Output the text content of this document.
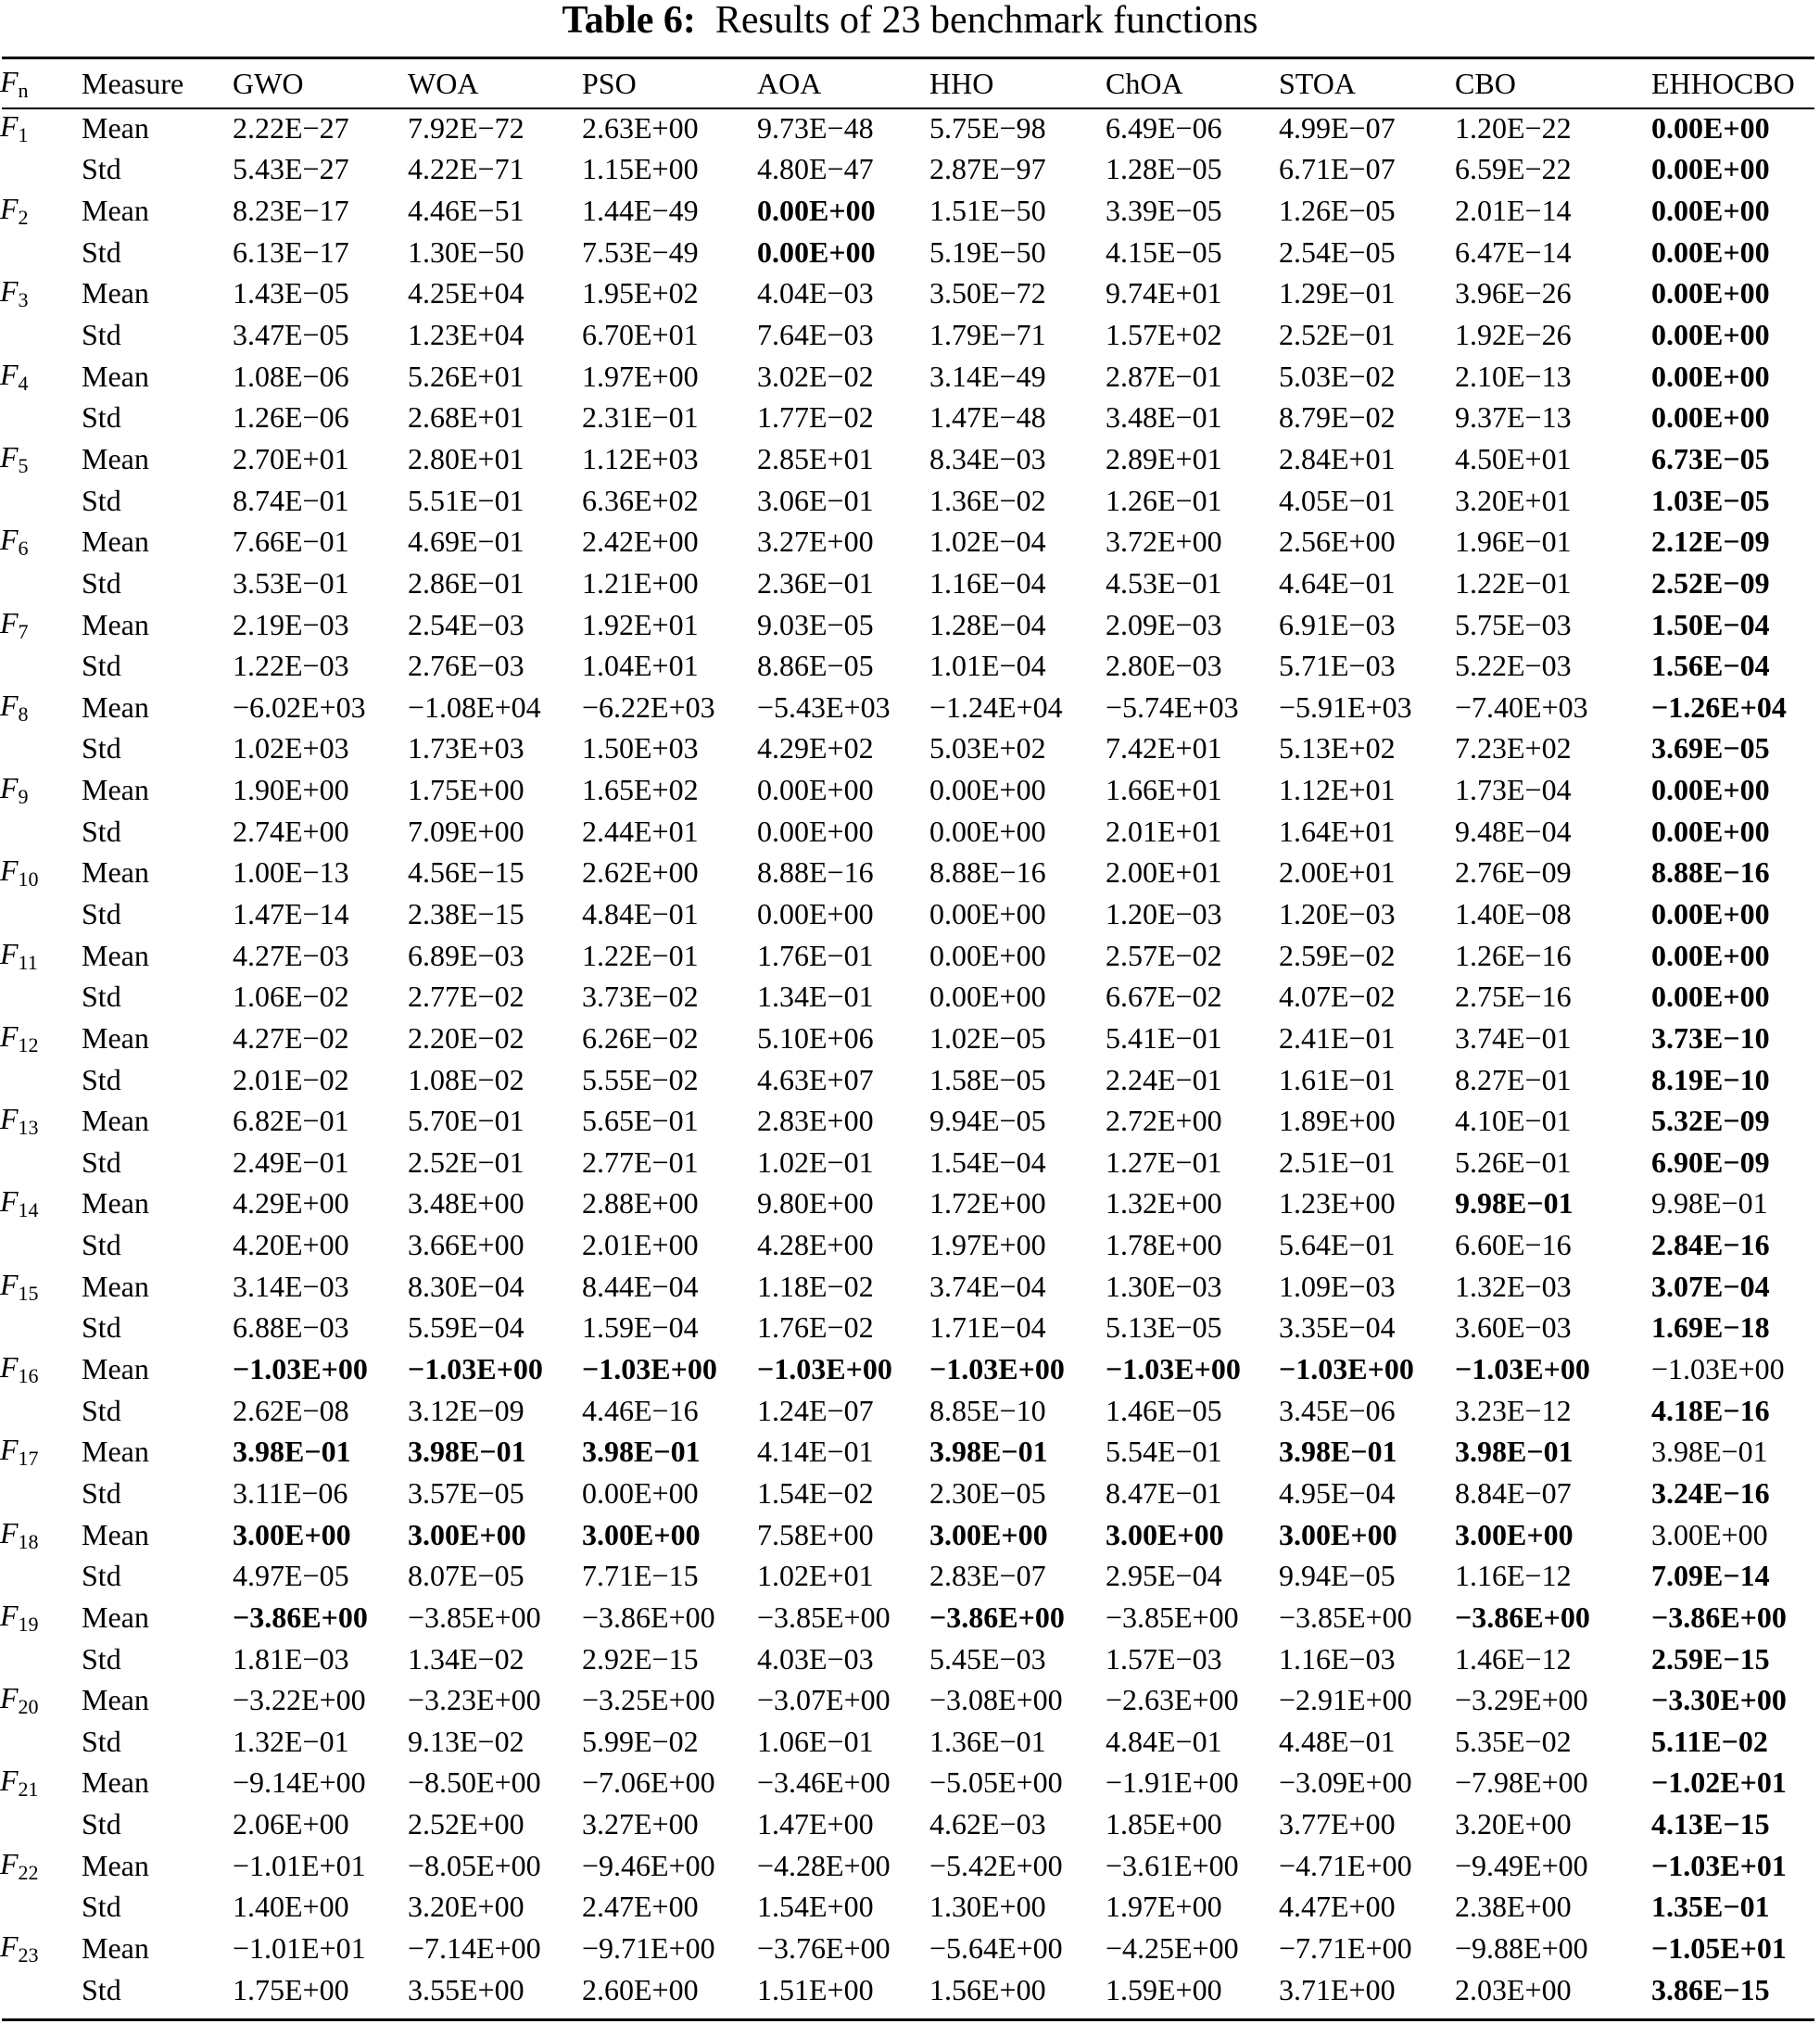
Table 6: Results of 23 benchmark functions
$F_n$	Measure	GWO	WOA	PSO	AOA	HHO	ChOA	STOA	CBO	EHHOCBO
$F_1$	Mean	2.22E−27	7.92E−72	2.63E+00	9.73E−48	5.75E−98	6.49E−06	4.99E−07	1.20E−22	0.00E+00
	Std	5.43E−27	4.22E−71	1.15E+00	4.80E−47	2.87E−97	1.28E−05	6.71E−07	6.59E−22	0.00E+00
$F_2$	Mean	8.23E−17	4.46E−51	1.44E−49	0.00E+00	1.51E−50	3.39E−05	1.26E−05	2.01E−14	0.00E+00
	Std	6.13E−17	1.30E−50	7.53E−49	0.00E+00	5.19E−50	4.15E−05	2.54E−05	6.47E−14	0.00E+00
$F_3$	Mean	1.43E−05	4.25E+04	1.95E+02	4.04E−03	3.50E−72	9.74E+01	1.29E−01	3.96E−26	0.00E+00
	Std	3.47E−05	1.23E+04	6.70E+01	7.64E−03	1.79E−71	1.57E+02	2.52E−01	1.92E−26	0.00E+00
$F_4$	Mean	1.08E−06	5.26E+01	1.97E+00	3.02E−02	3.14E−49	2.87E−01	5.03E−02	2.10E−13	0.00E+00
	Std	1.26E−06	2.68E+01	2.31E−01	1.77E−02	1.47E−48	3.48E−01	8.79E−02	9.37E−13	0.00E+00
$F_5$	Mean	2.70E+01	2.80E+01	1.12E+03	2.85E+01	8.34E−03	2.89E+01	2.84E+01	4.50E+01	6.73E−05
	Std	8.74E−01	5.51E−01	6.36E+02	3.06E−01	1.36E−02	1.26E−01	4.05E−01	3.20E+01	1.03E−05
$F_6$	Mean	7.66E−01	4.69E−01	2.42E+00	3.27E+00	1.02E−04	3.72E+00	2.56E+00	1.96E−01	2.12E−09
	Std	3.53E−01	2.86E−01	1.21E+00	2.36E−01	1.16E−04	4.53E−01	4.64E−01	1.22E−01	2.52E−09
$F_7$	Mean	2.19E−03	2.54E−03	1.92E+01	9.03E−05	1.28E−04	2.09E−03	6.91E−03	5.75E−03	1.50E−04
	Std	1.22E−03	2.76E−03	1.04E+01	8.86E−05	1.01E−04	2.80E−03	5.71E−03	5.22E−03	1.56E−04
$F_8$	Mean	−6.02E+03	−1.08E+04	−6.22E+03	−5.43E+03	−1.24E+04	−5.74E+03	−5.91E+03	−7.40E+03	−1.26E+04
	Std	1.02E+03	1.73E+03	1.50E+03	4.29E+02	5.03E+02	7.42E+01	5.13E+02	7.23E+02	3.69E−05
$F_9$	Mean	1.90E+00	1.75E+00	1.65E+02	0.00E+00	0.00E+00	1.66E+01	1.12E+01	1.73E−04	0.00E+00
	Std	2.74E+00	7.09E+00	2.44E+01	0.00E+00	0.00E+00	2.01E+01	1.64E+01	9.48E−04	0.00E+00
$F_{10}$	Mean	1.00E−13	4.56E−15	2.62E+00	8.88E−16	8.88E−16	2.00E+01	2.00E+01	2.76E−09	8.88E−16
	Std	1.47E−14	2.38E−15	4.84E−01	0.00E+00	0.00E+00	1.20E−03	1.20E−03	1.40E−08	0.00E+00
$F_{11}$	Mean	4.27E−03	6.89E−03	1.22E−01	1.76E−01	0.00E+00	2.57E−02	2.59E−02	1.26E−16	0.00E+00
	Std	1.06E−02	2.77E−02	3.73E−02	1.34E−01	0.00E+00	6.67E−02	4.07E−02	2.75E−16	0.00E+00
$F_{12}$	Mean	4.27E−02	2.20E−02	6.26E−02	5.10E+06	1.02E−05	5.41E−01	2.41E−01	3.74E−01	3.73E−10
	Std	2.01E−02	1.08E−02	5.55E−02	4.63E+07	1.58E−05	2.24E−01	1.61E−01	8.27E−01	8.19E−10
$F_{13}$	Mean	6.82E−01	5.70E−01	5.65E−01	2.83E+00	9.94E−05	2.72E+00	1.89E+00	4.10E−01	5.32E−09
	Std	2.49E−01	2.52E−01	2.77E−01	1.02E−01	1.54E−04	1.27E−01	2.51E−01	5.26E−01	6.90E−09
$F_{14}$	Mean	4.29E+00	3.48E+00	2.88E+00	9.80E+00	1.72E+00	1.32E+00	1.23E+00	9.98E−01	9.98E−01
	Std	4.20E+00	3.66E+00	2.01E+00	4.28E+00	1.97E+00	1.78E+00	5.64E−01	6.60E−16	2.84E−16
$F_{15}$	Mean	3.14E−03	8.30E−04	8.44E−04	1.18E−02	3.74E−04	1.30E−03	1.09E−03	1.32E−03	3.07E−04
	Std	6.88E−03	5.59E−04	1.59E−04	1.76E−02	1.71E−04	5.13E−05	3.35E−04	3.60E−03	1.69E−18
$F_{16}$	Mean	−1.03E+00	−1.03E+00	−1.03E+00	−1.03E+00	−1.03E+00	−1.03E+00	−1.03E+00	−1.03E+00	−1.03E+00
	Std	2.62E−08	3.12E−09	4.46E−16	1.24E−07	8.85E−10	1.46E−05	3.45E−06	3.23E−12	4.18E−16
$F_{17}$	Mean	3.98E−01	3.98E−01	3.98E−01	4.14E−01	3.98E−01	5.54E−01	3.98E−01	3.98E−01	3.98E−01
	Std	3.11E−06	3.57E−05	0.00E+00	1.54E−02	2.30E−05	8.47E−01	4.95E−04	8.84E−07	3.24E−16
$F_{18}$	Mean	3.00E+00	3.00E+00	3.00E+00	7.58E+00	3.00E+00	3.00E+00	3.00E+00	3.00E+00	3.00E+00
	Std	4.97E−05	8.07E−05	7.71E−15	1.02E+01	2.83E−07	2.95E−04	9.94E−05	1.16E−12	7.09E−14
$F_{19}$	Mean	−3.86E+00	−3.85E+00	−3.86E+00	−3.85E+00	−3.86E+00	−3.85E+00	−3.85E+00	−3.86E+00	−3.86E+00
	Std	1.81E−03	1.34E−02	2.92E−15	4.03E−03	5.45E−03	1.57E−03	1.16E−03	1.46E−12	2.59E−15
$F_{20}$	Mean	−3.22E+00	−3.23E+00	−3.25E+00	−3.07E+00	−3.08E+00	−2.63E+00	−2.91E+00	−3.29E+00	−3.30E+00
	Std	1.32E−01	9.13E−02	5.99E−02	1.06E−01	1.36E−01	4.84E−01	4.48E−01	5.35E−02	5.11E−02
$F_{21}$	Mean	−9.14E+00	−8.50E+00	−7.06E+00	−3.46E+00	−5.05E+00	−1.91E+00	−3.09E+00	−7.98E+00	−1.02E+01
	Std	2.06E+00	2.52E+00	3.27E+00	1.47E+00	4.62E−03	1.85E+00	3.77E+00	3.20E+00	4.13E−15
$F_{22}$	Mean	−1.01E+01	−8.05E+00	−9.46E+00	−4.28E+00	−5.42E+00	−3.61E+00	−4.71E+00	−9.49E+00	−1.03E+01
	Std	1.40E+00	3.20E+00	2.47E+00	1.54E+00	1.30E+00	1.97E+00	4.47E+00	2.38E+00	1.35E−01
$F_{23}$	Mean	−1.01E+01	−7.14E+00	−9.71E+00	−3.76E+00	−5.64E+00	−4.25E+00	−7.71E+00	−9.88E+00	−1.05E+01
	Std	1.75E+00	3.55E+00	2.60E+00	1.51E+00	1.56E+00	1.59E+00	3.71E+00	2.03E+00	3.86E−15
